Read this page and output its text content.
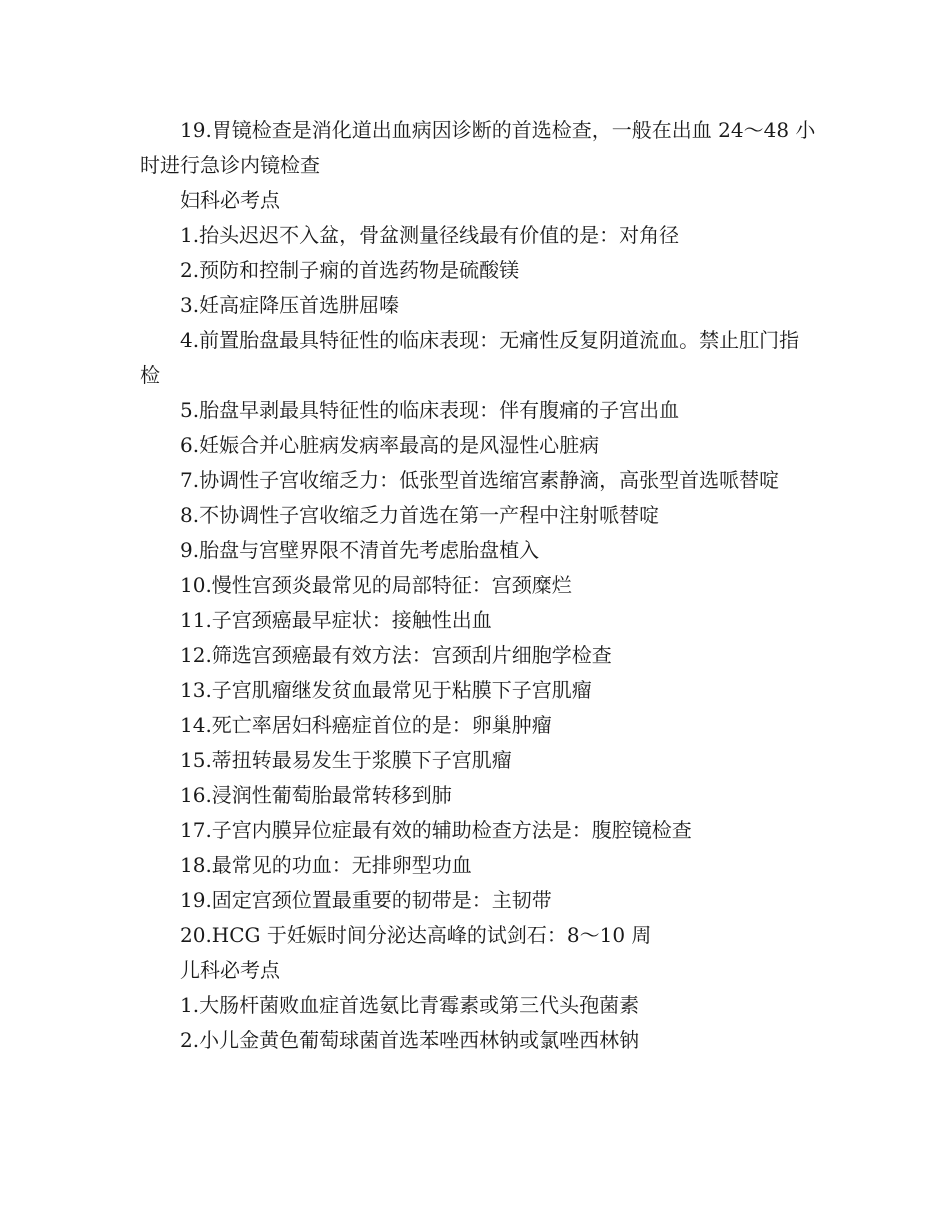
19.胃镜检查是消化道出血病因诊断的首选检查，一般在出血 24～48 小时进行急诊内镜检查

妇科必考点

1.抬头迟迟不入盆，骨盆测量径线最有价值的是：对角径

2.预防和控制子痫的首选药物是硫酸镁

3.妊高症降压首选肼屈嗪

4.前置胎盘最具特征性的临床表现：无痛性反复阴道流血。禁止肛门指检

5.胎盘早剥最具特征性的临床表现：伴有腹痛的子宫出血

6.妊娠合并心脏病发病率最高的是风湿性心脏病

7.协调性子宫收缩乏力：低张型首选缩宫素静滴，高张型首选哌替啶

8.不协调性子宫收缩乏力首选在第一产程中注射哌替啶

9.胎盘与宫壁界限不清首先考虑胎盘植入

10.慢性宫颈炎最常见的局部特征：宫颈糜烂

11.子宫颈癌最早症状：接触性出血

12.筛选宫颈癌最有效方法：宫颈刮片细胞学检查

13.子宫肌瘤继发贫血最常见于粘膜下子宫肌瘤

14.死亡率居妇科癌症首位的是：卵巢肿瘤

15.蒂扭转最易发生于浆膜下子宫肌瘤

16.浸润性葡萄胎最常转移到肺

17.子宫内膜异位症最有效的辅助检查方法是：腹腔镜检查

18.最常见的功血：无排卵型功血

19.固定宫颈位置最重要的韧带是：主韧带

20.HCG 于妊娠时间分泌达高峰的试剑石：8～10 周

儿科必考点

1.大肠杆菌败血症首选氨比青霉素或第三代头孢菌素

2.小儿金黄色葡萄球菌首选苯唑西林钠或氯唑西林钠
